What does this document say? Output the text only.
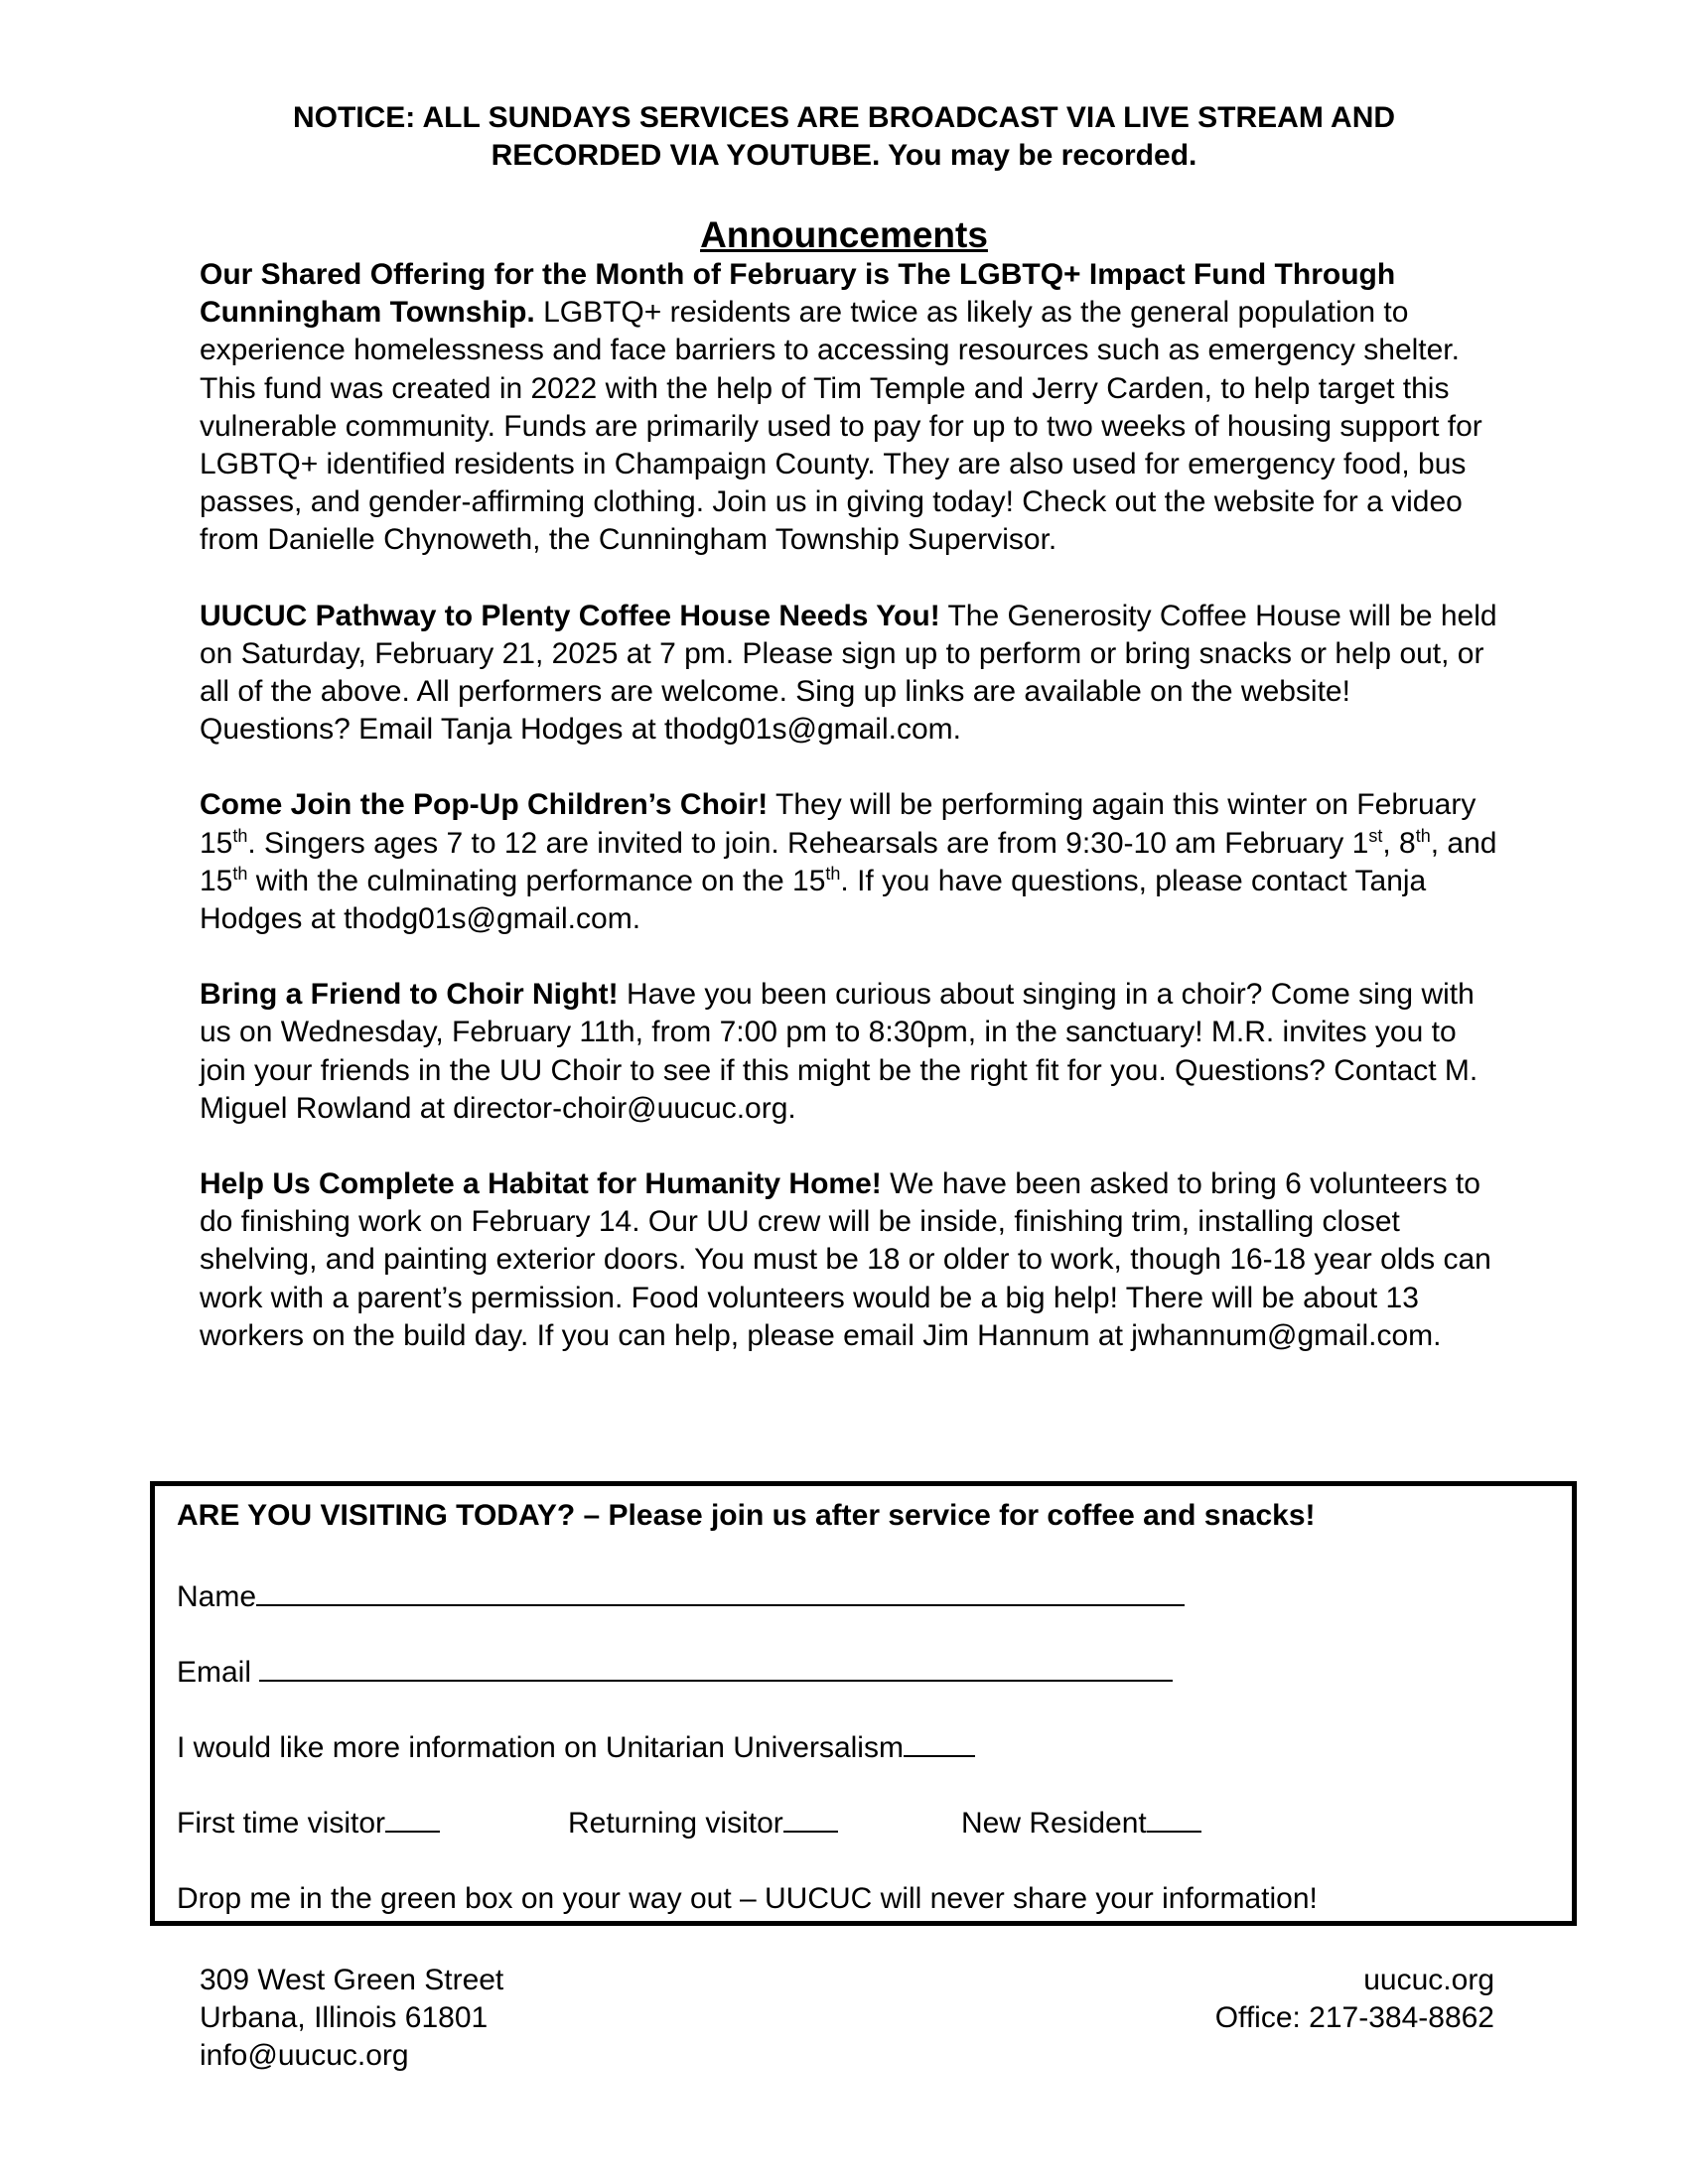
NOTICE: ALL SUNDAYS SERVICES ARE BROADCAST VIA LIVE STREAM AND
RECORDED VIA YOUTUBE. You may be recorded.
Announcements

Our Shared Offering for the Month of February is The LGBTQ+ Impact Fund Through Cunningham Township. LGBTQ+ residents are twice as likely as the general population to experience homelessness and face barriers to accessing resources such as emergency shelter. This fund was created in 2022 with the help of Tim Temple and Jerry Carden, to help target this vulnerable community. Funds are primarily used to pay for up to two weeks of housing support for LGBTQ+ identified residents in Champaign County. They are also used for emergency food, bus passes, and gender-affirming clothing. Join us in giving today! Check out the website for a video from Danielle Chynoweth, the Cunningham Township Supervisor.

UUCUC Pathway to Plenty Coffee House Needs You! The Generosity Coffee House will be held on Saturday, February 21, 2025 at 7 pm. Please sign up to perform or bring snacks or help out, or all of the above. All performers are welcome. Sing up links are available on the website! Questions? Email Tanja Hodges at thodg01s@gmail.com.

Come Join the Pop-Up Children’s Choir! They will be performing again this winter on February 15th. Singers ages 7 to 12 are invited to join. Rehearsals are from 9:30-10 am February 1st, 8th, and 15th with the culminating performance on the 15th. If you have questions, please contact Tanja Hodges at thodg01s@gmail.com.

Bring a Friend to Choir Night! Have you been curious about singing in a choir? Come sing with us on Wednesday, February 11th, from 7:00 pm to 8:30pm, in the sanctuary! M.R. invites you to join your friends in the UU Choir to see if this might be the right fit for you. Questions? Contact M. Miguel Rowland at director-choir@uucuc.org.

Help Us Complete a Habitat for Humanity Home! We have been asked to bring 6 volunteers to do finishing work on February 14. Our UU crew will be inside, finishing trim, installing closet shelving, and painting exterior doors. You must be 18 or older to work, though 16-18 year olds can work with a parent’s permission. Food volunteers would be a big help! There will be about 13 workers on the build day. If you can help, please email Jim Hannum at jwhannum@gmail.com.

ARE YOU VISITING TODAY? – Please join us after service for coffee and snacks!
Name
Email
I would like more information on Unitarian Universalism
First time visitor	Returning visitor	New Resident
Drop me in the green box on your way out – UUCUC will never share your information!
309 West Green Street
Urbana, Illinois 61801
info@uucuc.org
uucuc.org
Office: 217-384-8862
